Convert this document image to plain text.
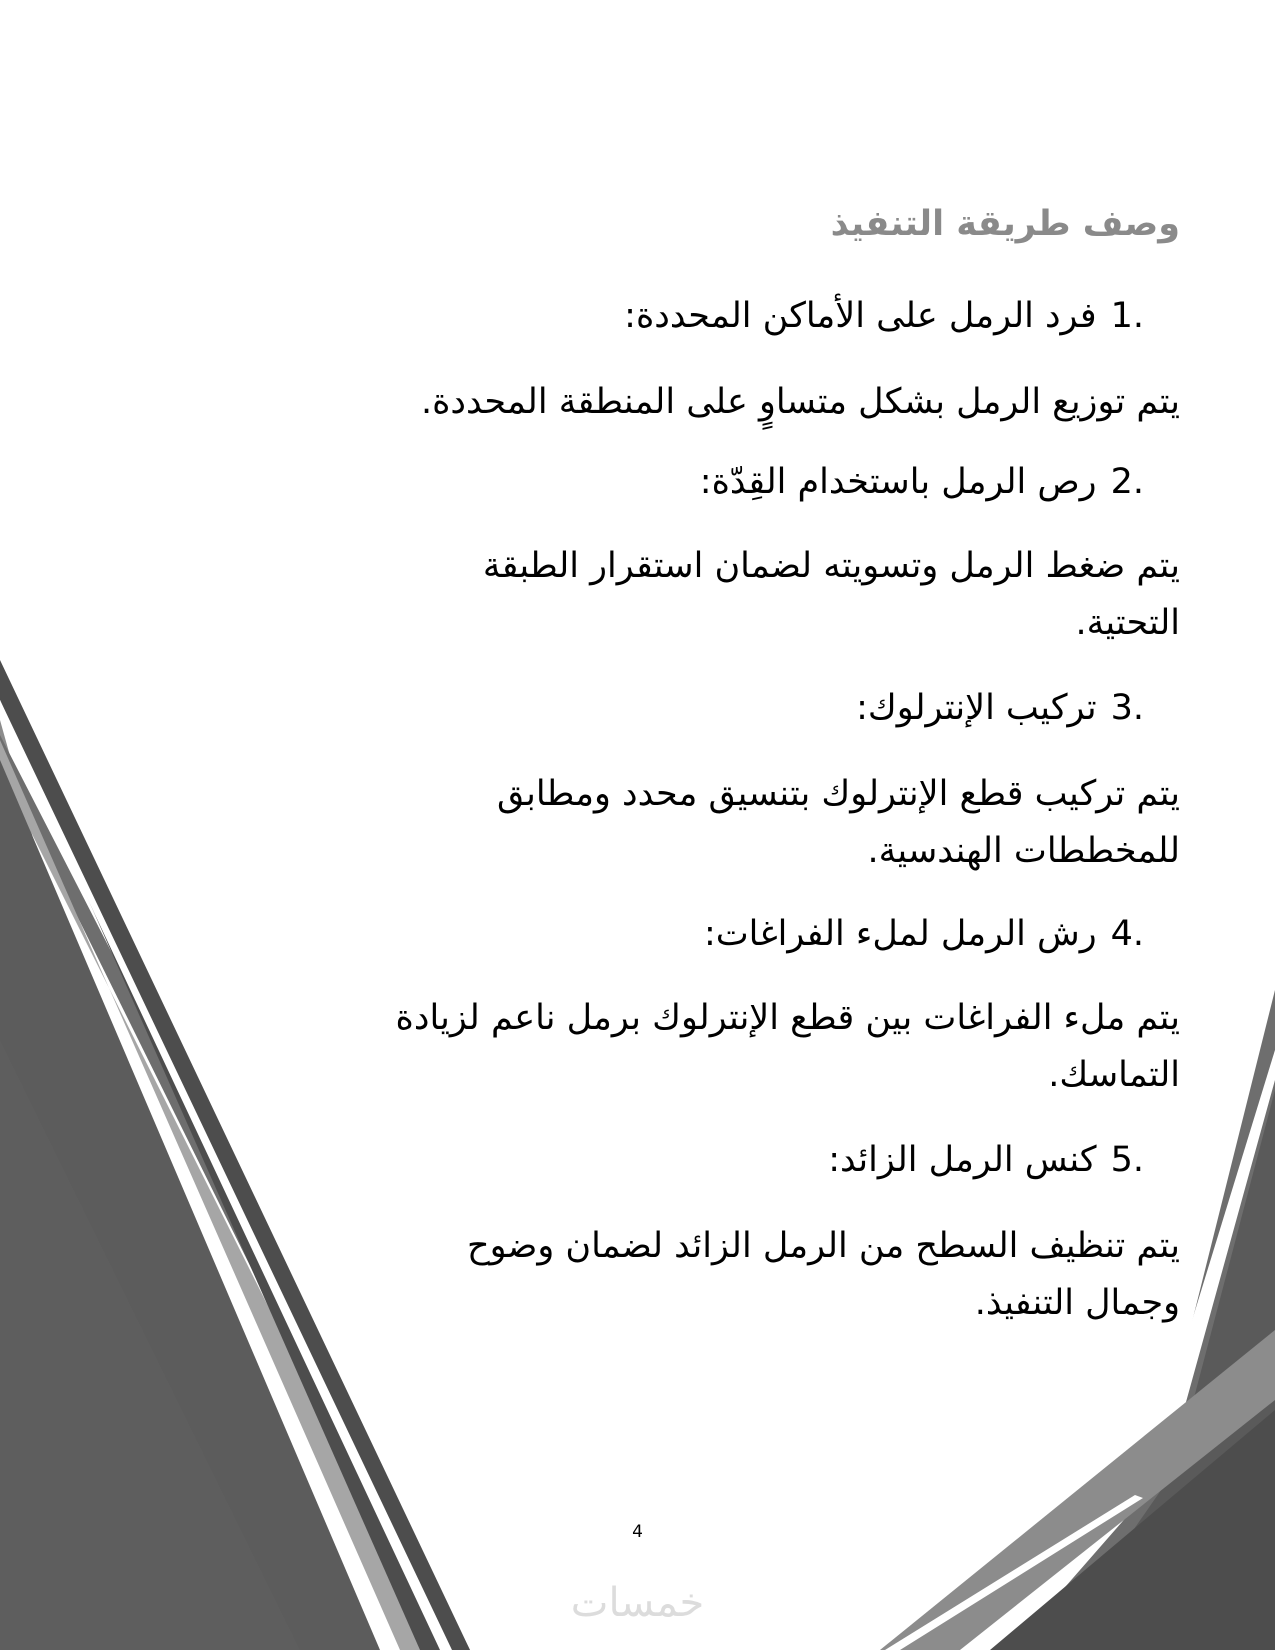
وصف طريقة التنفيذ
1.
فرد الرمل على الأماكن المحددة:

يتم توزيع الرمل بشكل متساوٍ على المنطقة المحددة.

2.
رص الرمل باستخدام القِدّة:

يتم ضغط الرمل وتسويته لضمان استقرار الطبقة التحتية.

3.
تركيب الإنترلوك:

يتم تركيب قطع الإنترلوك بتنسيق محدد ومطابق للمخططات الهندسية.

4.
رش الرمل لملء الفراغات:

يتم ملء الفراغات بين قطع الإنترلوك برمل ناعم لزيادة التماسك.

5.
كنس الرمل الزائد:

يتم تنظيف السطح من الرمل الزائد لضمان وضوح وجمال التنفيذ.

4
خمسات
